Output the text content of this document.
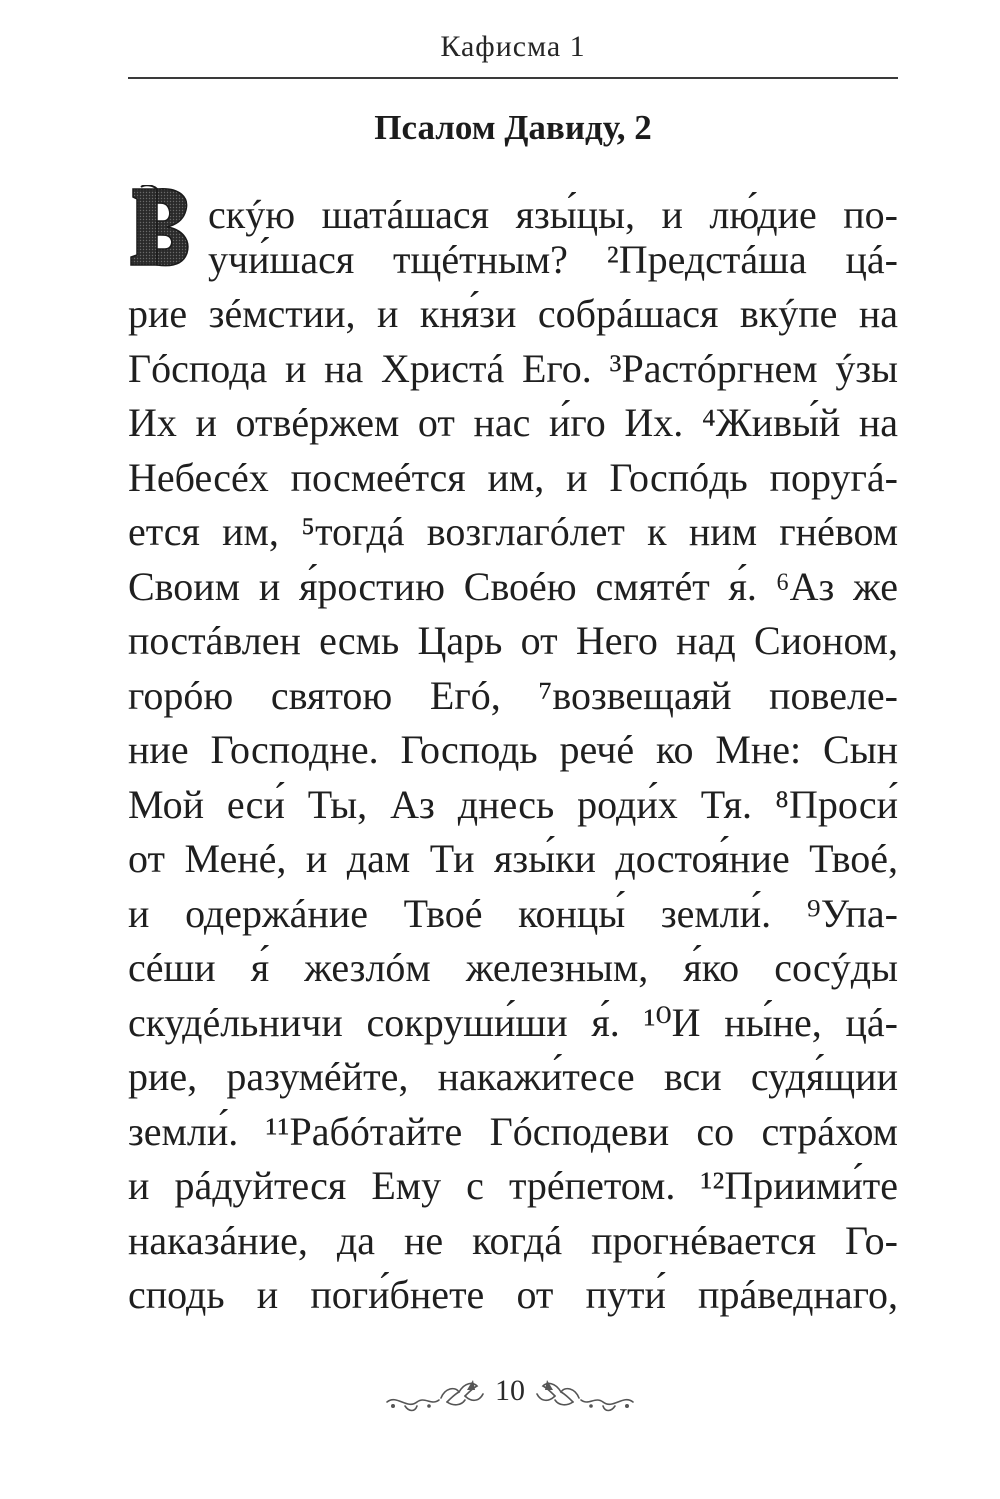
Кафисма 1
Псалом Давиду, 2
скýю шатáшася язы́цы, и лю́дие по-
учи́шася тщéтным? ²Предстáша цá-
рие зéмстии, и кня́зи собрáшася вкýпе на
Гóспода и на Христá Его. ³Растóргнем ýзы
Их и отвéржем от нас и́го Их. ⁴Живы́й на
Небесéх посмеéтся им, и Госпóдь поругá-
ется им, ⁵тогдá возглагóлет к ним гнéвом
Своим и я́ростию Своéю смятéт я́. ⁶Аз же
постáвлен есмь Царь от Него над Сионом,
горóю святою Егó, ⁷возвещаяй повеле-
ние Господне. Господь речé ко Мне: Сын
Мой еси́ Ты, Аз днесь роди́х Тя. ⁸Проси́
от Менé, и дам Ти язы́ки достоя́ние Твоé,
и одержáние Твоé концы́ земли́. ⁹Упа-
сéши я́ жезлóм железным, я́ко сосýды
скудéльничи сокруши́ши я́. ¹⁰И ны́не, цá-
рие, разумéйте, накажи́тесе вси судя́щии
земли́. ¹¹Рабóтайте Гóсподеви со стрáхом
и рáдуйтеся Ему с трéпетом. ¹²Приими́те
наказáние, да не когдá прогнéвается Го-
сподь и поги́бнете от пути́ прáведнаго,
10
